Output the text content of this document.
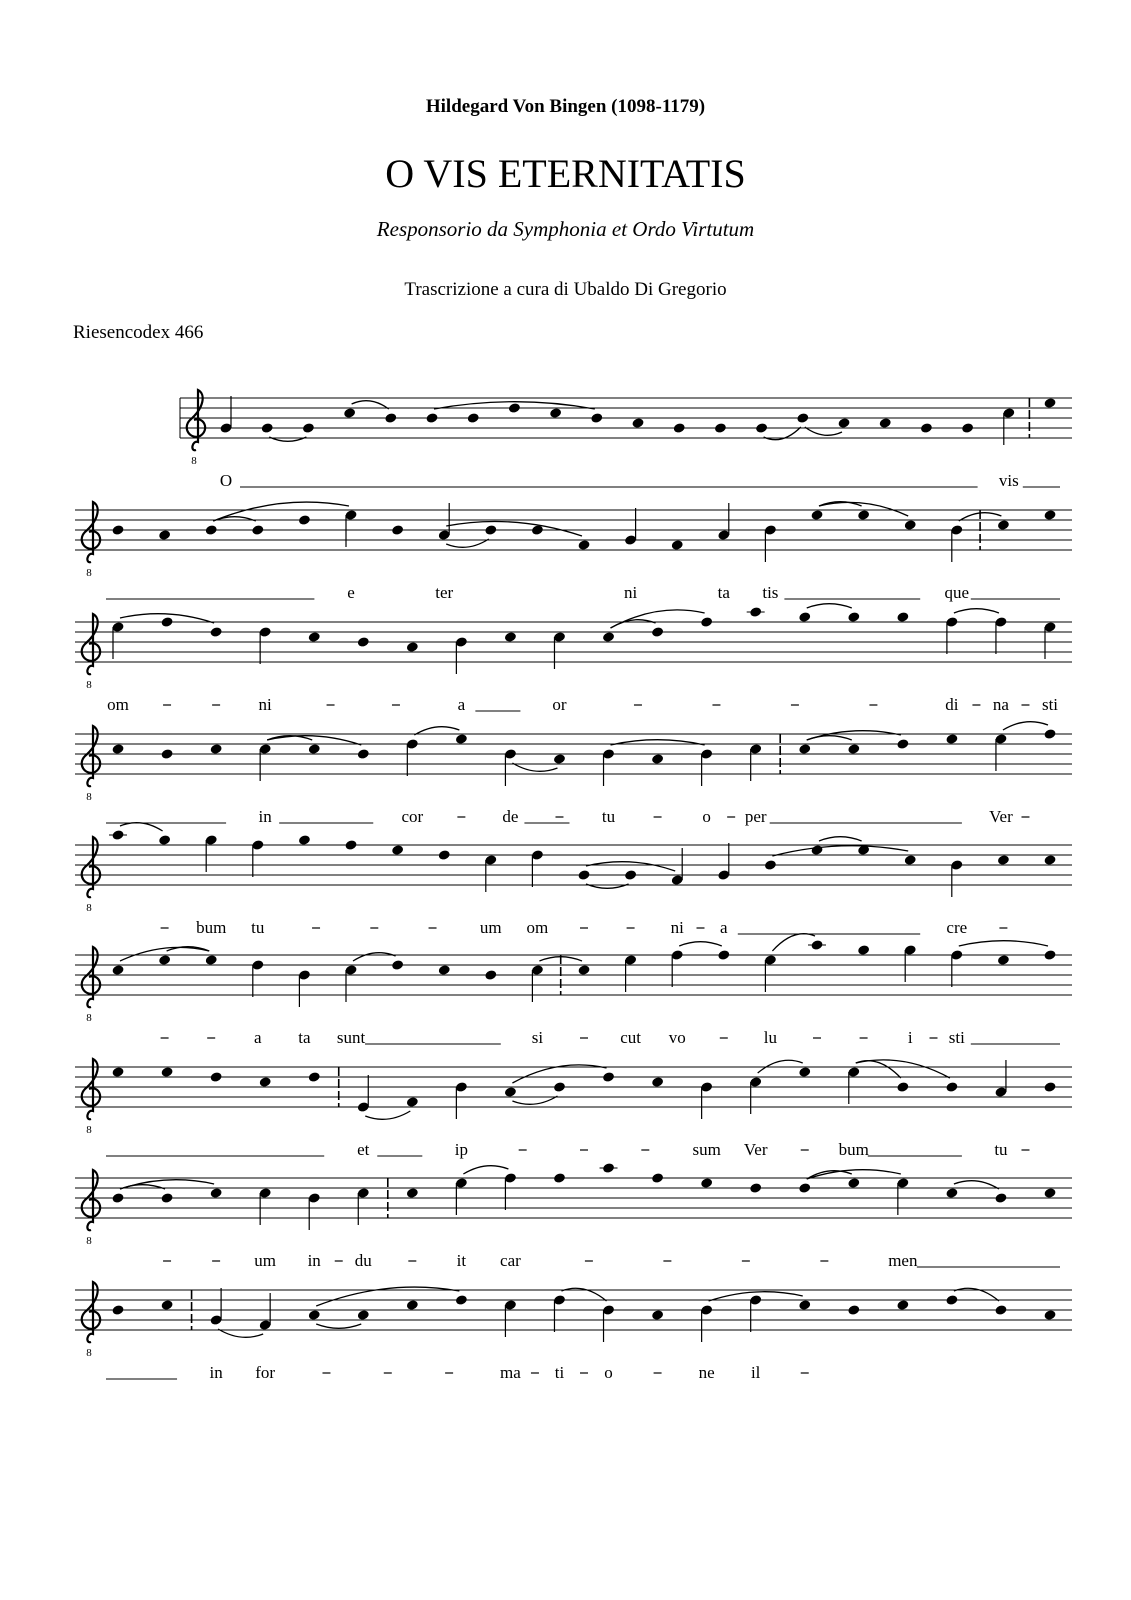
Hildegard Von Bingen (1098-1179)
O VIS ETERNITATIS
Responsorio da Symphonia et Ordo Virtutum
Trascrizione a cura di Ubaldo Di Gregorio
Riesencodex 466
8
O	vis
8
e	ter	ni	ta tis	que
8
om	ni	a	or	di na sti
8
in	cor	de	tu	o per	Ver
8
bum tu	um om	ni a	cre
8
a ta sunt	si	cut vo	lu	i sti
8
et	ip	sum Ver	bum	tu
8
um in du	it car	men
8
in for	ma ti o	ne il
